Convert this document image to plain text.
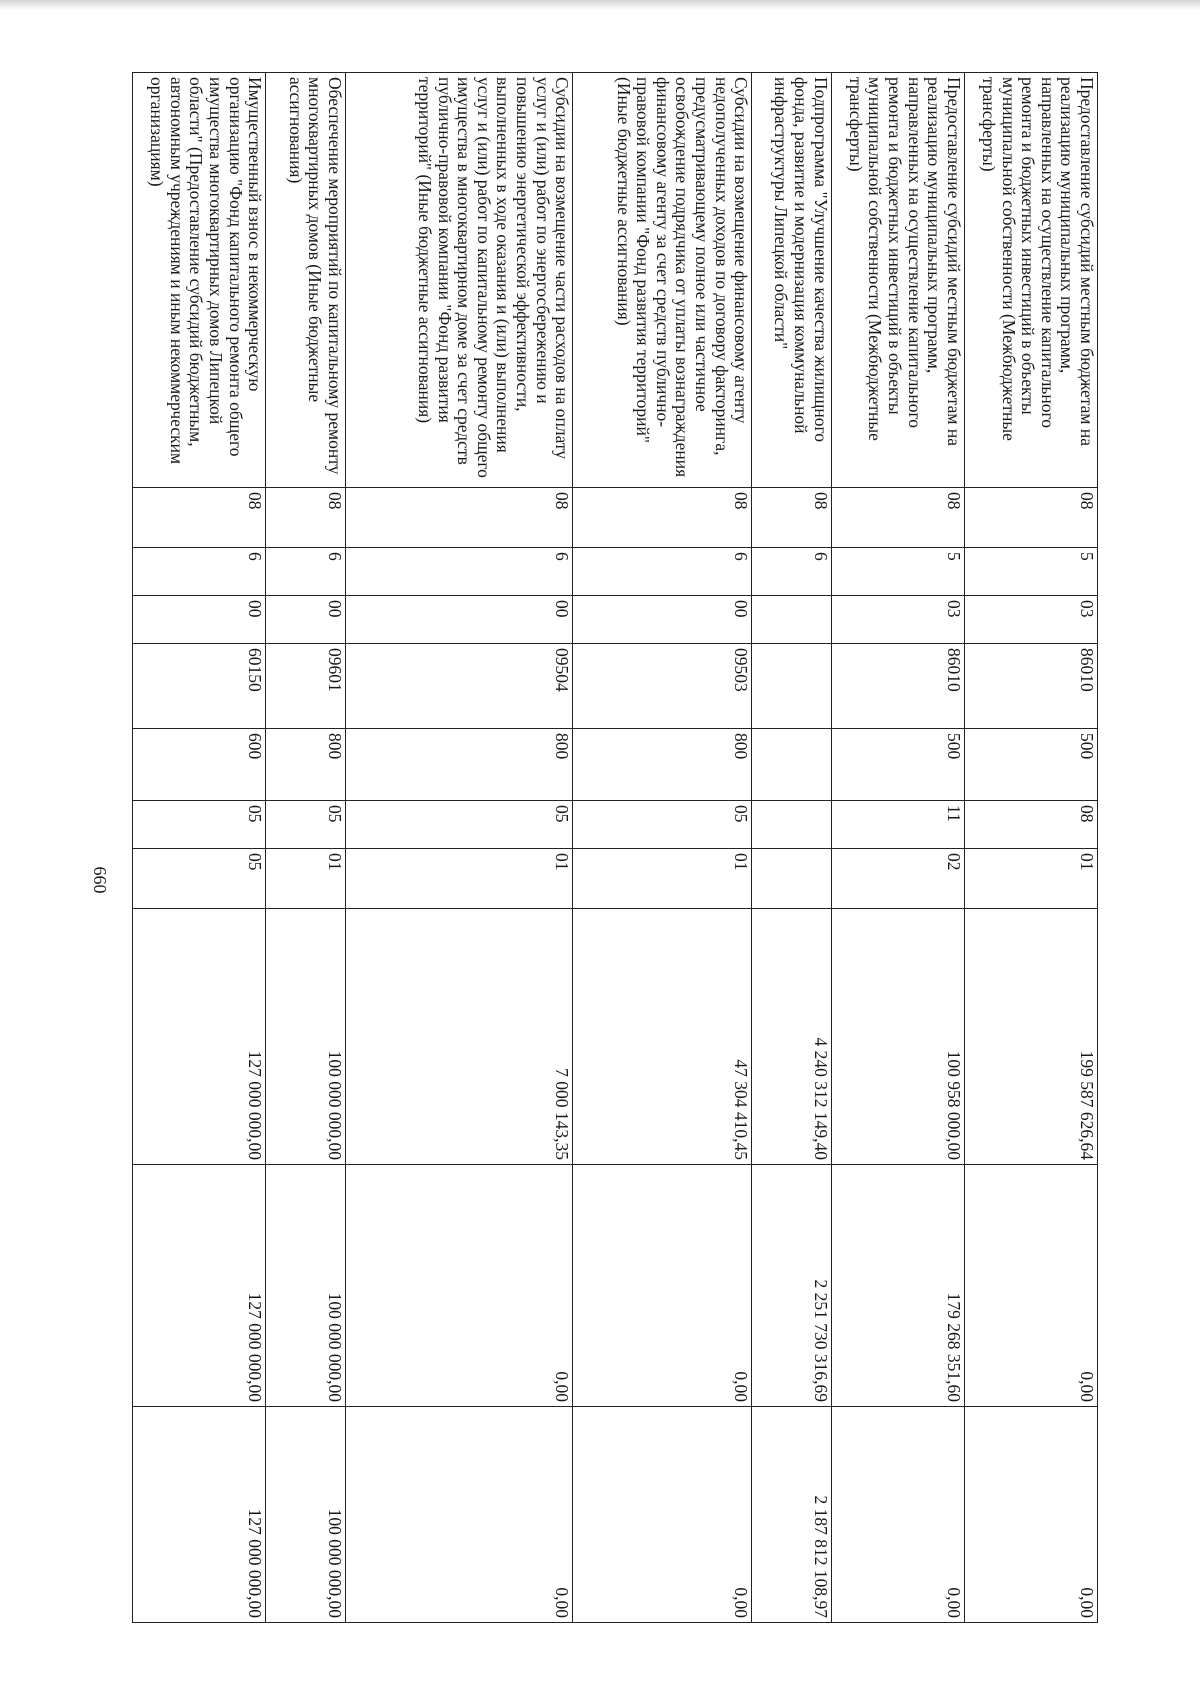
660
Предоставление субсидий местным бюджетам на реализацию муниципальных программ, направленных на осуществление капитального ремонта и бюджетных инвестиций в объекты муниципальной собственности (Межбюджетные трансферты)	08	5	03	86010	500	08	01	199 587 626,64	0,00	0,00
Предоставление субсидий местным бюджетам на реализацию муниципальных программ, направленных на осуществление капитального ремонта и бюджетных инвестиций в объекты муниципальной собственности (Межбюджетные трансферты)	08	5	03	86010	500	11	02	100 958 000,00	179 268 351,60	0,00
Подпрограмма "Улучшение качества жилищного фонда, развитие и модернизация коммунальной инфраструктуры Липецкой области"	08	6						4 240 312 149,40	2 251 730 316,69	2 187 812 108,97
Субсидии на возмещение финансовому агенту недополученных доходов по договору факторинга, предусматривающему полное или частичное освобождение подрядчика от уплаты вознаграждения финансовому агенту за счет средств публично-правовой компании "Фонд развития территорий" (Иные бюджетные ассигнования)	08	6	00	09503	800	05	01	47 304 410,45	0,00	0,00
Субсидии на возмещение части расходов на оплату услуг и (или) работ по энергосбережению и повышению энергетической эффективности, выполненных в ходе оказания и (или) выполнения услуг и (или) работ по капитальному ремонту общего имущества в многоквартирном доме за счет средств публично-правовой компании "Фонд развития территорий" (Иные бюджетные ассигнования)	08	6	00	09504	800	05	01	7 000 143,35	0,00	0,00
Обеспечение мероприятий по капитальному ремонту многоквартирных домов (Иные бюджетные ассигнования)	08	6	00	09601	800	05	01	100 000 000,00	100 000 000,00	100 000 000,00
Имущественный взнос в некоммерческую организацию "Фонд капитального ремонта общего имущества многоквартирных домов Липецкой области" (Предоставление субсидий бюджетным, автономным учреждениям и иным некоммерческим организациям)	08	6	00	60150	600	05	05	127 000 000,00	127 000 000,00	127 000 000,00
